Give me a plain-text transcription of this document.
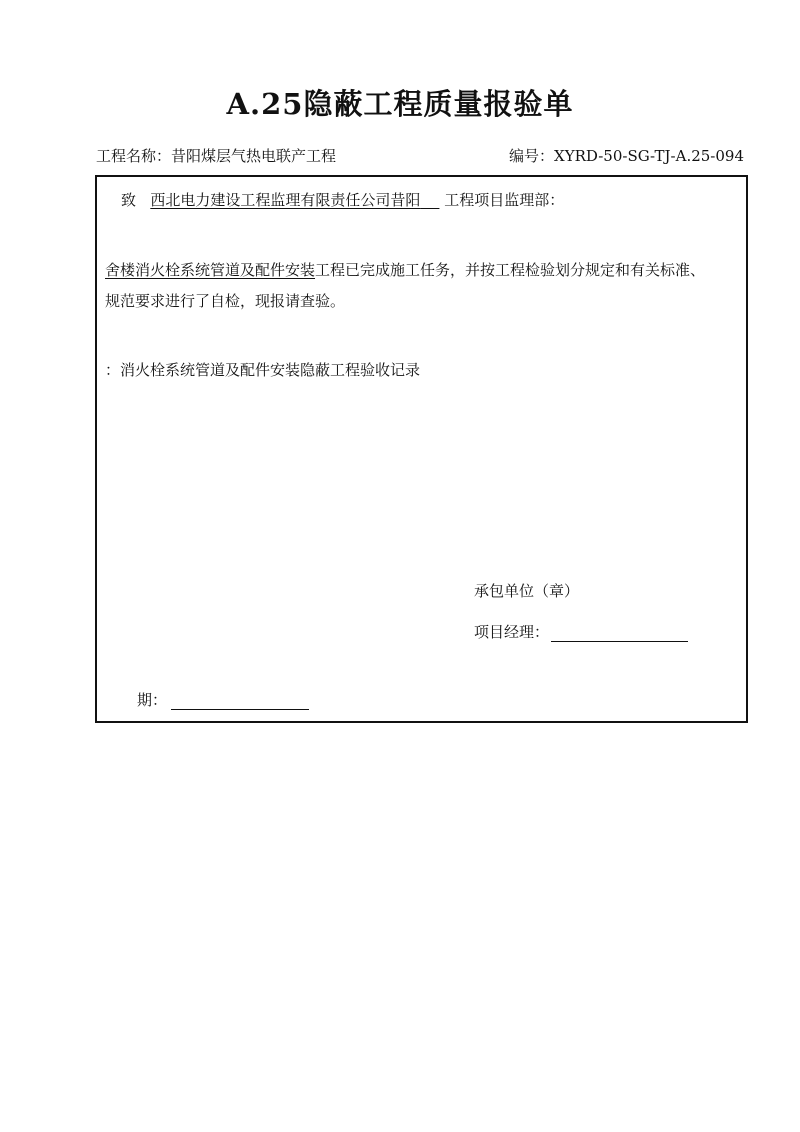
A.25隐蔽工程质量报验单
工程名称：昔阳煤层气热电联产工程	编号：XYRD-50-SG-TJ-A.25-094
致 西北电力建设工程监理有限责任公司昔阳 工程项目监理部：
舍楼消火栓系统管道及配件安装工程已完成施工任务，并按工程检验划分规定和有关标准、
规范要求进行了自检，现报请查验。
：消火栓系统管道及配件安装隐蔽工程验收记录
承包单位（章）
项目经理：
期：
